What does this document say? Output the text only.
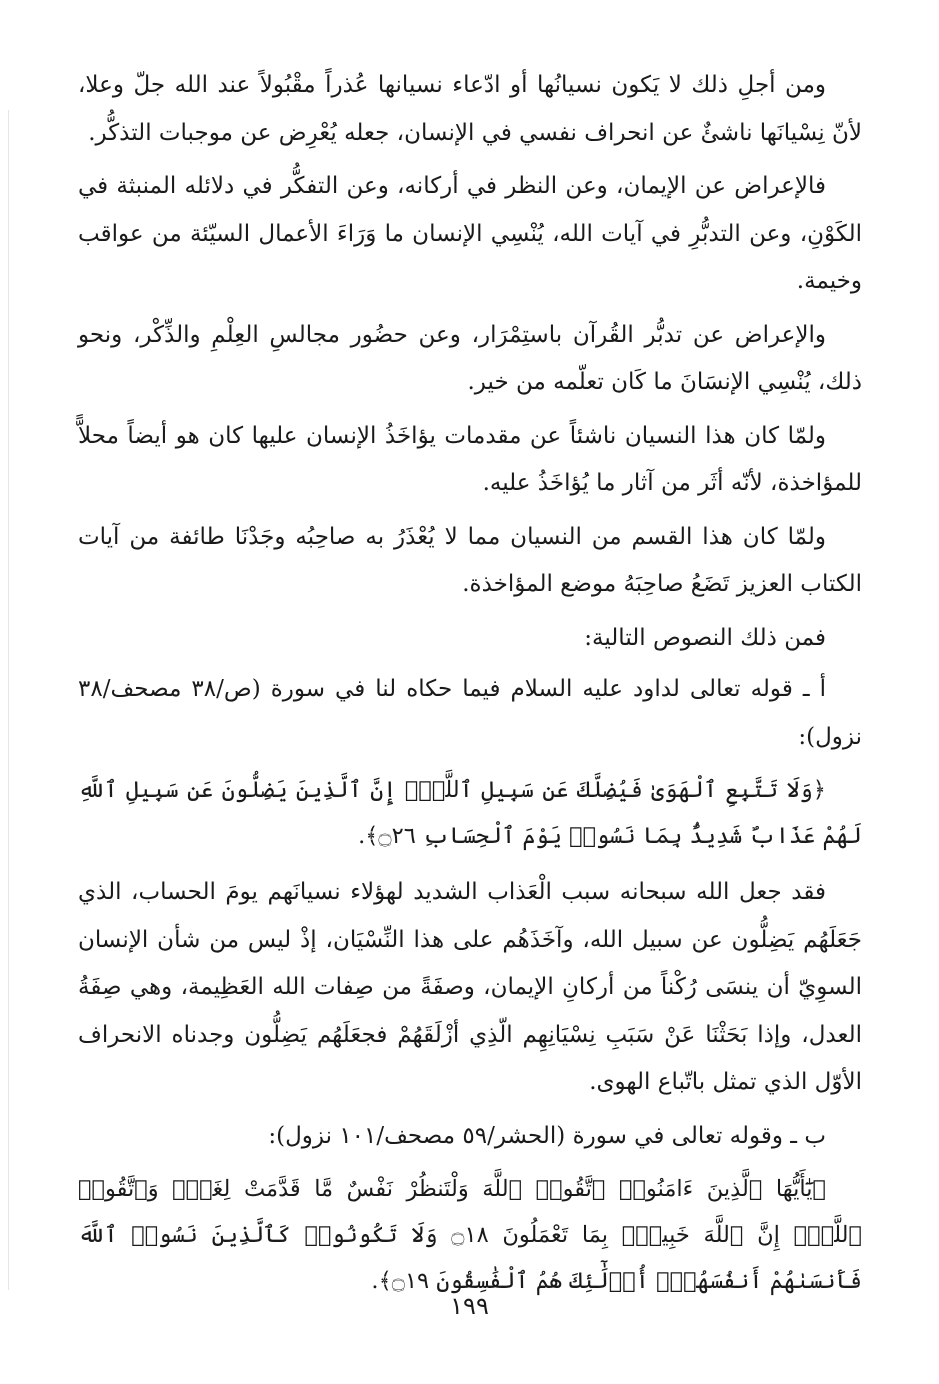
ومن أجلِ ذلك لا يَكون نسيانُها أو ادّعاء نسيانها عُذراً مقْبُولاً عند الله جلّ وعلا، لأنّ نِسْيانَها ناشئٌ عن انحراف نفسي في الإنسان، جعله يُعْرِض عن موجبات التذكُّر.

فالإعراض عن الإيمان، وعن النظر في أركانه، وعن التفكُّر في دلائله المنبثة في الكَوْنِ، وعن التدبُّرِ في آيات الله، يُنْسِي الإنسان ما وَرَاءَ الأعمال السيّئة من عواقب وخيمة.

والإعراض عن تدبُّر القُرآن باستِمْرَار، وعن حضُور مجالسِ العِلْمِ والذِّكْر، ونحو ذلك، يُنْسِي الإنسَانَ ما كَان تعلّمه من خير.

ولمّا كان هذا النسيان ناشئاً عن مقدمات يؤاخَذُ الإنسان عليها كان هو أيضاً محلاًّ للمؤاخذة، لأنّه أثَر من آثار ما يُؤاخَذُ عليه.

ولمّا كان هذا القسم من النسيان مما لا يُعْذَرُ به صاحِبُه وجَدْنَا طائفة من آيات الكتاب العزيز تَضَعُ صاحِبَهُ موضع المؤاخذة.

فمن ذلك النصوص التالية:

أ ـ قوله تعالى لداود عليه السلام فيما حكاه لنا في سورة (ص/٣٨ مصحف/٣٨ نزول):

﴿وَلَا تَتَّبِعِ ٱلْهَوَىٰ فَيُضِلَّكَ عَن سَبِيلِ ٱللَّهِۚ إِنَّ ٱلَّذِينَ يَضِلُّونَ عَن سَبِيلِ ٱللَّهِ لَهُمْ عَذَابٌ شَدِيدٌۢ بِمَا نَسُوا۟ يَوْمَ ٱلْحِسَابِ ۝٢٦﴾.

فقد جعل الله سبحانه سبب الْعَذاب الشديد لهؤلاء نسيانَهم يومَ الحساب، الذي جَعَلَهُم يَضِلُّون عن سبيل الله، وآخَذَهُم على هذا النِّسْيَان، إذْ ليس من شأن الإنسان السوِيّ أن ينسَى رُكْناً من أركانِ الإيمان، وصفَةً من صِفات الله العَظِيمة، وهي صِفَةُ العدل، وإذا بَحَثْنَا عَنْ سَبَبِ نِسْيَانِهِم الّذِي أزْلَقَهُمْ فجعَلَهُم يَضِلُّون وجدناه الانحراف الأوّل الذي تمثل باتّباع الهوى.

ب ـ وقوله تعالى في سورة (الحشر/٥٩ مصحف/١٠١ نزول):

﴿يَٰٓأَيُّهَا ٱلَّذِينَ ءَامَنُوا۟ ٱتَّقُوا۟ ٱللَّهَ وَلْتَنظُرْ نَفْسٌ مَّا قَدَّمَتْ لِغَدٍۖ وَٱتَّقُوا۟ ٱللَّهَۚ إِنَّ ٱللَّهَ خَبِيرٌۢ بِمَا تَعْمَلُونَ ۝١٨ وَلَا تَكُونُوا۟ كَٱلَّذِينَ نَسُوا۟ ٱللَّهَ فَأَنسَىٰهُمْ أَنفُسَهُمْۚ أُو۟لَٰٓئِكَ هُمُ ٱلْفَٰسِقُونَ ۝١٩﴾.

١٩٩
